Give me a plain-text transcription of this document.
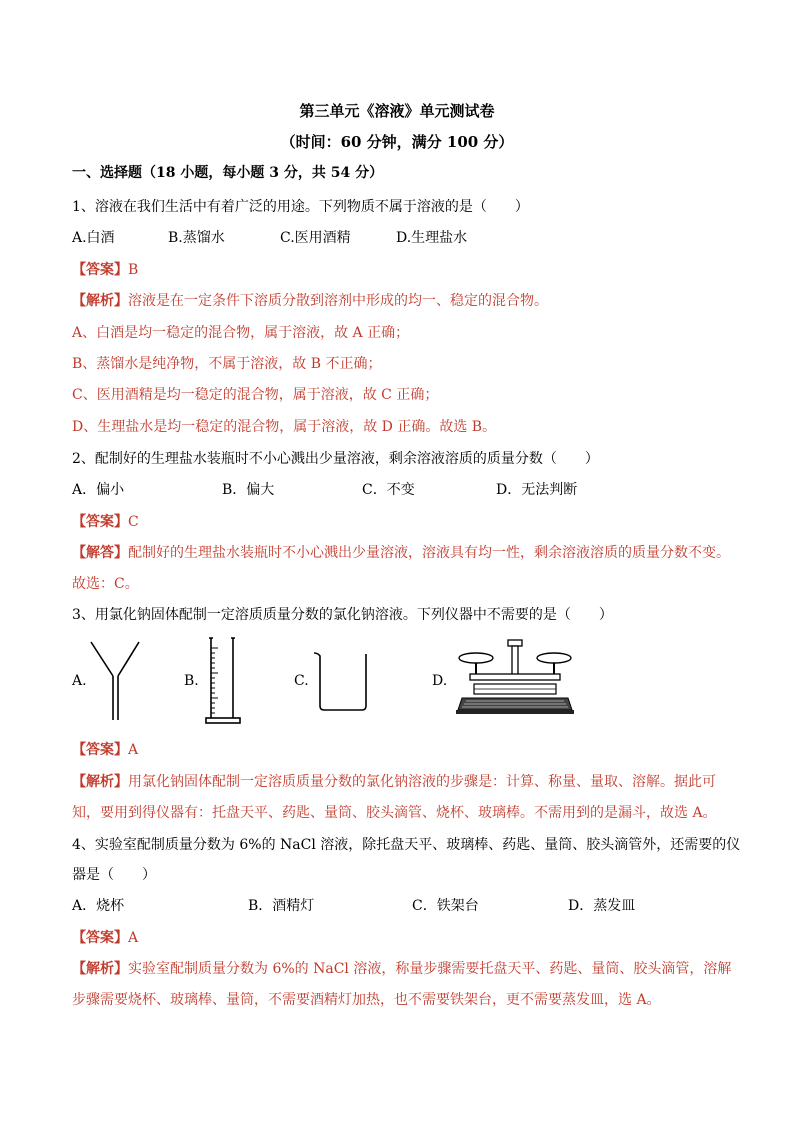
第三单元《溶液》单元测试卷
（时间：60 分钟，满分 100 分）
一、选择题（18 小题，每小题 3 分，共 54 分）
1、溶液在我们生活中有着广泛的用途。下列物质不属于溶液的是（　　）
A.白酒	B.蒸馏水	C.医用酒精	D.生理盐水
【答案】B
【解析】溶液是在一定条件下溶质分散到溶剂中形成的均一、稳定的混合物。
A、白酒是均一稳定的混合物，属于溶液，故 A 正确；
B、蒸馏水是纯净物，不属于溶液，故 B 不正确；
C、医用酒精是均一稳定的混合物，属于溶液，故 C 正确；
D、生理盐水是均一稳定的混合物，属于溶液，故 D 正确。故选 B。
2、配制好的生理盐水装瓶时不小心溅出少量溶液，剩余溶液溶质的质量分数（　　）
A．偏小	B．偏大	C．不变	D．无法判断
【答案】C
【解答】配制好的生理盐水装瓶时不小心溅出少量溶液，溶液具有均一性，剩余溶液溶质的质量分数不变。
故选：C。
3、用氯化钠固体配制一定溶质质量分数的氯化钠溶液。下列仪器中不需要的是（　　）
A.	B.	C.	D.
【答案】A
【解析】用氯化钠固体配制一定溶质质量分数的氯化钠溶液的步骤是：计算、称量、量取、溶解。据此可
知，要用到得仪器有：托盘天平、药匙、量筒、胶头滴管、烧杯、玻璃棒。不需用到的是漏斗，故选 A。
4、实验室配制质量分数为 6%的 NaCl 溶液，除托盘天平、玻璃棒、药匙、量筒、胶头滴管外，还需要的仪
器是（　　）
A．烧杯	B．酒精灯	C．铁架台	D．蒸发皿
【答案】A
【解析】实验室配制质量分数为 6%的 NaCl 溶液，称量步骤需要托盘天平、药匙、量筒、胶头滴管，溶解
步骤需要烧杯、玻璃棒、量筒，不需要酒精灯加热，也不需要铁架台，更不需要蒸发皿，选 A。
